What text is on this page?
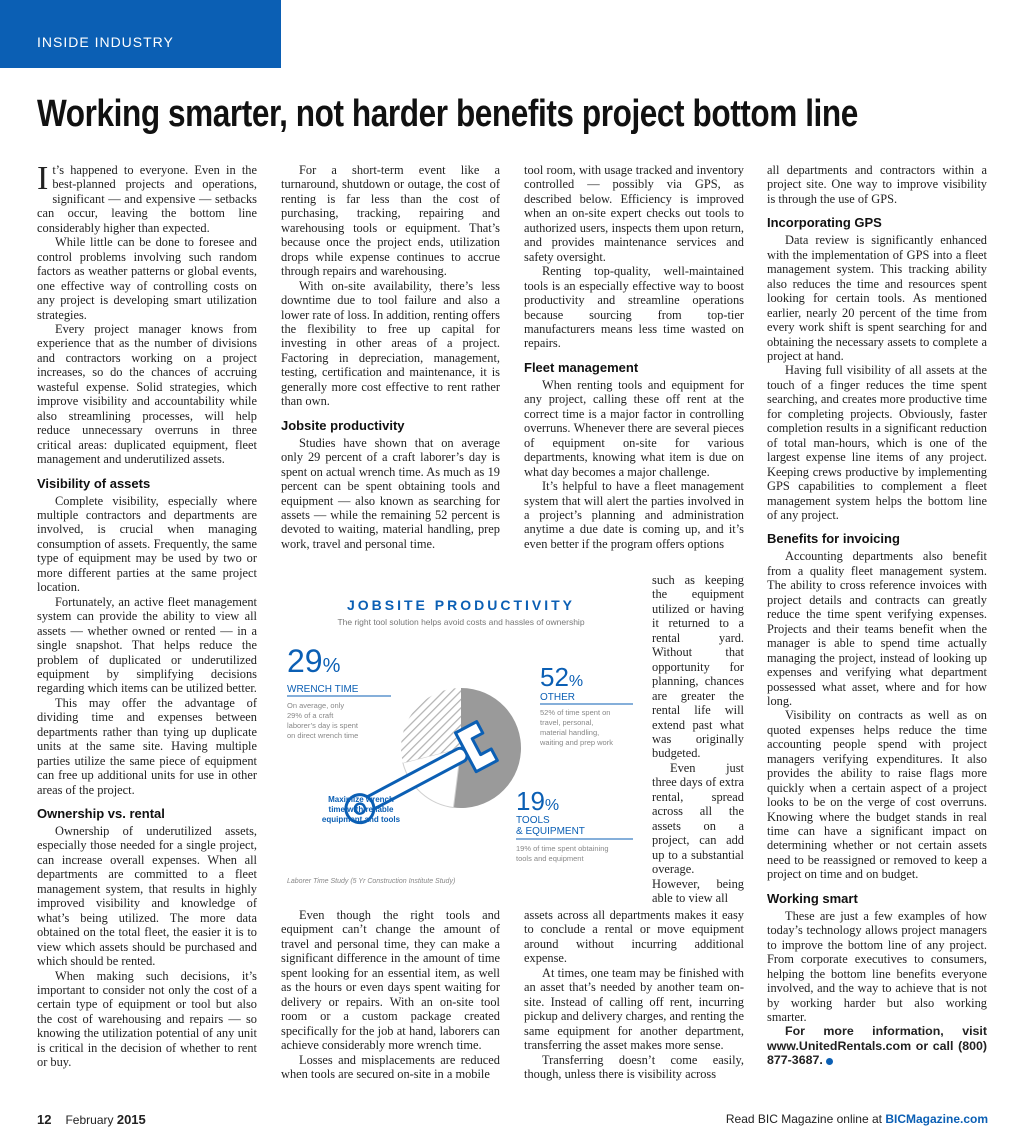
INSIDE INDUSTRY
Working smarter, not harder benefits project bottom line

It’s happened to everyone. Even in the best-planned projects and operations, significant — and expensive — setbacks can occur, leaving the bottom line considerably higher than expected.

While little can be done to foresee and control problems involving such random factors as weather patterns or global events, one effective way of controlling costs on any project is developing smart utilization strategies.

Every project manager knows from experience that as the number of divisions and contractors working on a project increases, so do the chances of accruing wasteful expense. Solid strategies, which improve visibility and accountability while also streamlining processes, will help reduce unnecessary overruns in three critical areas: duplicated equipment, fleet management and underutilized assets.

Visibility of assets

Complete visibility, especially where multiple contractors and departments are involved, is crucial when managing consumption of assets. Frequently, the same type of equipment may be used by two or more different parties at the same project location.

Fortunately, an active fleet management system can provide the ability to view all assets — whether owned or rented — in a single snapshot. That helps reduce the problem of duplicated or underutilized equipment by simplifying decisions regarding which items can be utilized better.

This may offer the advantage of dividing time and expenses between departments rather than tying up duplicate units at the same site. Having multiple parties utilize the same piece of equipment can free up additional units for use in other areas of the project.

Ownership vs. rental

Ownership of underutilized assets, especially those needed for a single project, can increase overall expenses. When all departments are committed to a fleet management system, that results in highly improved visibility and knowledge of what’s being utilized. The more data obtained on the total fleet, the easier it is to view which assets should be purchased and which should be rented.

When making such decisions, it’s important to consider not only the cost of a certain type of equipment or tool but also the cost of warehousing and repairs — so knowing the utilization potential of any unit is critical in the decision of whether to rent or buy.

For a short-term event like a turnaround, shutdown or outage, the cost of renting is far less than the cost of purchasing, tracking, repairing and warehousing tools or equipment. That’s because once the project ends, utilization drops while expense continues to accrue through repairs and warehousing.

With on-site availability, there’s less downtime due to tool failure and also a lower rate of loss. In addition, renting offers the flexibility to free up capital for investing in other areas of a project. Factoring in depreciation, management, testing, certification and maintenance, it is generally more cost effective to rent rather than own.

Jobsite productivity

Studies have shown that on average only 29 percent of a craft laborer’s day is spent on actual wrench time. As much as 19 percent can be spent obtaining tools and equipment — also known as searching for assets — while the remaining 52 percent is devoted to waiting, material handling, prep work, travel and personal time.

tool room, with usage tracked and inventory controlled — possibly via GPS, as described below. Efficiency is improved when an on-site expert checks out tools to authorized users, inspects them upon return, and provides maintenance services and safety oversight.

Renting top-quality, well-maintained tools is an especially effective way to boost productivity and streamline operations because sourcing from top-tier manufacturers means less time wasted on repairs.

Fleet management

When renting tools and equipment for any project, calling these off rent at the correct time is a major factor in controlling overruns. Whenever there are several pieces of equipment on-site for various departments, knowing what item is due on what day becomes a major challenge.

It’s helpful to have a fleet management system that will alert the parties involved in a project’s planning and administration anytime a due date is coming up, and it’s even better if the program offers options

such as keeping the equipment utilized or having it returned to a rental yard. Without that opportunity for planning, chances are greater the rental life will extend past what was originally budgeted.

Even just three days of extra rental, spread across all the assets on a project, can add up to a substantial overage. However, being able to view all

JOBSITE PRODUCTIVITY
The right tool solution helps avoid costs and hassles of ownership
29%
WRENCH TIME
On average, only
29% of a craft
laborer’s day is spent
on direct wrench time
52%
OTHER
52% of time spent on
travel, personal,
material handling,
waiting and prep work
19%
TOOLS
& EQUIPMENT
19% of time spent obtaining
tools and equipment
Maximize wrench
time with reliable
equipment and tools
Laborer Time Study (5 Yr Construction Institute Study)

Even though the right tools and equipment can’t change the amount of travel and personal time, they can make a significant difference in the amount of time spent looking for an essential item, as well as the hours or even days spent waiting for delivery or repairs. With an on-site tool room or a custom package created specifically for the job at hand, laborers can achieve considerably more wrench time.

Losses and misplacements are reduced when tools are secured on-site in a mobile

assets across all departments makes it easy to conclude a rental or move equipment around without incurring additional expense.

At times, one team may be finished with an asset that’s needed by another team on-site. Instead of calling off rent, incurring pickup and delivery charges, and renting the same equipment for another department, transferring the asset makes more sense.

Transferring doesn’t come easily, though, unless there is visibility across

all departments and contractors within a project site. One way to improve visibility is through the use of GPS.

Incorporating GPS

Data review is significantly enhanced with the implementation of GPS into a fleet management system. This tracking ability also reduces the time and resources spent looking for certain tools. As mentioned earlier, nearly 20 percent of the time from every work shift is spent searching for and obtaining the necessary assets to complete a project at hand.

Having full visibility of all assets at the touch of a finger reduces the time spent searching, and creates more productive time for completing projects. Obviously, faster completion results in a significant reduction of total man-hours, which is one of the largest expense line items of any project. Keeping crews productive by implementing GPS capabilities to complement a fleet management system helps the bottom line of any project.

Benefits for invoicing

Accounting departments also benefit from a quality fleet management system. The ability to cross reference invoices with project details and contracts can greatly reduce the time spent verifying expenses. Projects and their teams benefit when the manager is able to spend time actually managing the project, instead of looking up expenses and verifying what department possessed what asset, where and for how long.

Visibility on contracts as well as on quoted expenses helps reduce the time accounting people spend with project managers verifying expenditures. It also provides the ability to raise flags more quickly when a certain aspect of a project looks to be on the verge of cost overruns. Knowing where the budget stands in real time can have a significant impact on determining whether or not certain assets need to be reassigned or removed to keep a project on time and on budget.

Working smart

These are just a few examples of how today’s technology allows project managers to improve the bottom line of any project. From corporate executives to consumers, helping the bottom line benefits everyone involved, and the way to achieve that is not by working harder but also working smarter.

For more information, visit www.UnitedRentals.com or call (800) 877-3687.

12 February 2015	Read BIC Magazine online at BICMagazine.com
